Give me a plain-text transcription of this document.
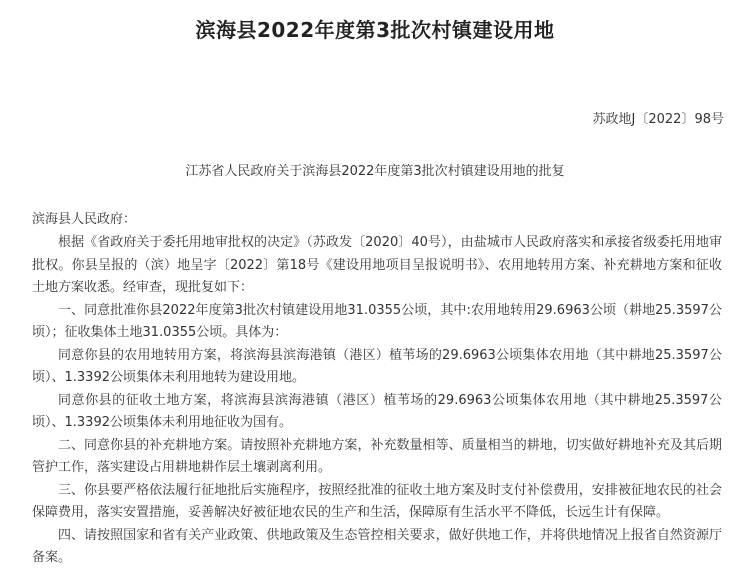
滨海县2022年度第3批次村镇建设用地
苏政地J〔2022〕98号
江苏省人民政府关于滨海县2022年度第3批次村镇建设用地的批复
滨海县人民政府：

根据《省政府关于委托用地审批权的决定》（苏政发〔2020〕40号），由盐城市人民政府落实和承接省级委托用地审批权。你县呈报的（滨）地呈字〔2022〕第18号《建设用地项目呈报说明书》、农用地转用方案、补充耕地方案和征收土地方案收悉。经审查，现批复如下：

一、同意批准你县2022年度第3批次村镇建设用地31.0355公顷，其中:农用地转用29.6963公顷（耕地25.3597公顷）；征收集体土地31.0355公顷。具体为：

同意你县的农用地转用方案，将滨海县滨海港镇（港区）植苇场的29.6963公顷集体农用地（其中耕地25.3597公顷）、1.3392公顷集体未利用地转为建设用地。

同意你县的征收土地方案，将滨海县滨海港镇（港区）植苇场的29.6963公顷集体农用地（其中耕地25.3597公顷）、1.3392公顷集体未利用地征收为国有。

二、同意你县的补充耕地方案。请按照补充耕地方案，补充数量相等、质量相当的耕地，切实做好耕地补充及其后期管护工作，落实建设占用耕地耕作层土壤剥离利用。

三、你县要严格依法履行征地批后实施程序，按照经批准的征收土地方案及时支付补偿费用，安排被征地农民的社会保障费用，落实安置措施，妥善解决好被征地农民的生产和生活，保障原有生活水平不降低，长远生计有保障。

四、请按照国家和省有关产业政策、供地政策及生态管控相关要求，做好供地工作，并将供地情况上报省自然资源厅备案。
